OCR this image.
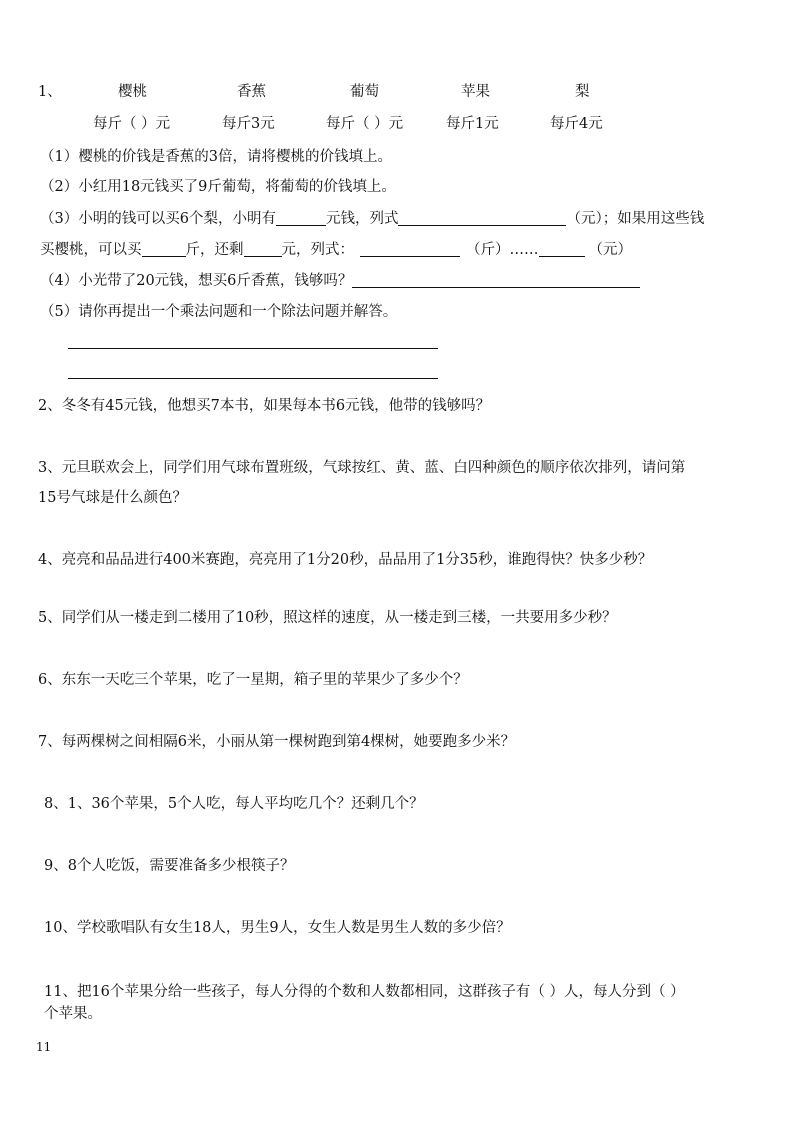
1、	樱桃	香蕉	葡萄	苹果	梨
每斤（ ）元	每斤3元	每斤（ ）元	每斤1元	每斤4元
（1）樱桃的价钱是香蕉的3倍，请将樱桃的价钱填上。
（2）小红用18元钱买了9斤葡萄，将葡萄的价钱填上。
（3）小明的钱可以买6个梨，小明有	元钱，列式	（元）；如果用这些钱
买樱桃，可以买	斤，还剩	元，列式：	（斤）……	（元）
（4）小光带了20元钱，想买6斤香蕉，钱够吗？
（5）请你再提出一个乘法问题和一个除法问题并解答。
2、冬冬有45元钱，他想买7本书，如果每本书6元钱，他带的钱够吗？
3、元旦联欢会上，同学们用气球布置班级，气球按红、黄、蓝、白四种颜色的顺序依次排列，请问第
15号气球是什么颜色？
4、亮亮和品品进行400米赛跑，亮亮用了1分20秒，品品用了1分35秒，谁跑得快？快多少秒？
5、同学们从一楼走到二楼用了10秒，照这样的速度，从一楼走到三楼，一共要用多少秒？
6、东东一天吃三个苹果，吃了一星期，箱子里的苹果少了多少个？
7、每两棵树之间相隔6米，小丽从第一棵树跑到第4棵树，她要跑多少米？
8、1、36个苹果，5个人吃，每人平均吃几个？还剩几个？
9、8个人吃饭，需要准备多少根筷子？
10、学校歌唱队有女生18人，男生9人，女生人数是男生人数的多少倍？
11、把16个苹果分给一些孩子，每人分得的个数和人数都相同，这群孩子有（ ）人，每人分到（ ）
个苹果。
11
